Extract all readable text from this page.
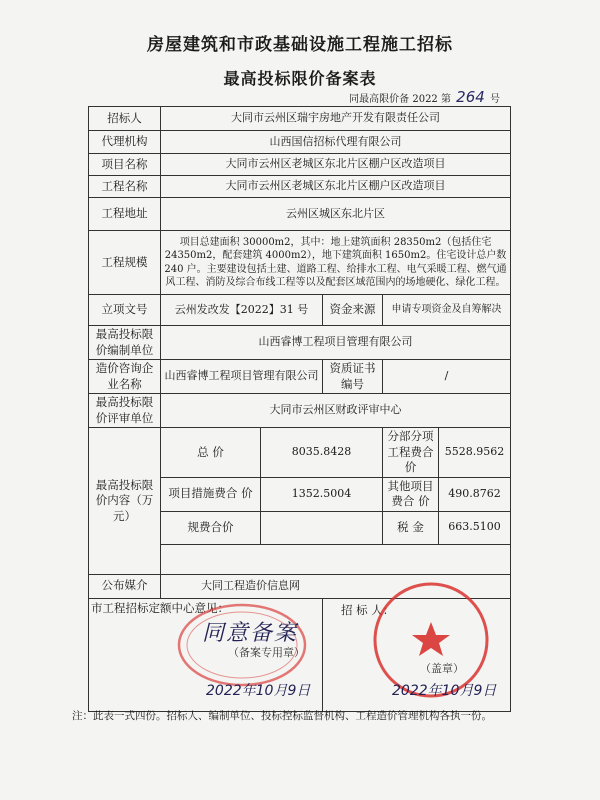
房屋建筑和市政基础设施工程施工招标
最高投标限价备案表
同最高限价备 2022 第 264 号
招标人	大同市云州区瑞宇房地产开发有限责任公司				
代理机构	山西国信招标代理有限公司				
项目名称	大同市云州区老城区东北片区棚户区改造项目				
工程名称	大同市云州区老城区东北片区棚户区改造项目				
工程地址	云州区城区东北片区				
工程规模	项目总建面积 30000m2，其中：地上建筑面积 28350m2（包括住宅 24350m2，配套建筑 4000m2），地下建筑面积 1650m2。住宅设计总户数 240 户。主要建设包括土建、道路工程、给排水工程、电气采暖工程、燃气通风工程、消防及综合布线工程等以及配套区域范围内的场地硬化、绿化工程。				
立项文号	云州发改发【2022】31 号		资金来源	申请专项资金及自筹解决	
最高投标限价编制单位	山西睿博工程项目管理有限公司				
造价咨询企业名称	山西睿博工程项目管理有限公司		资质证书编号	/	
最高投标限价评审单位	大同市云州区财政评审中心				
最高投标限价内容（万元）	总 价	8035.8428		分部分项工程费合价	5528.9562
	项目措施费合 价	1352.5004		其他项目费合 价	490.8762
	规费合价			税 金	663.5100

公布媒介	大同工程造价信息网				

市工程招标定额中心意见：			招 标 人：		
同意备案
（备案专用章）
2022年10月9日
（盖章）
2022年10月9日
注：此表一式四份。招标人、编制单位、投标控标监督机构、工程造价管理机构各执一份。
